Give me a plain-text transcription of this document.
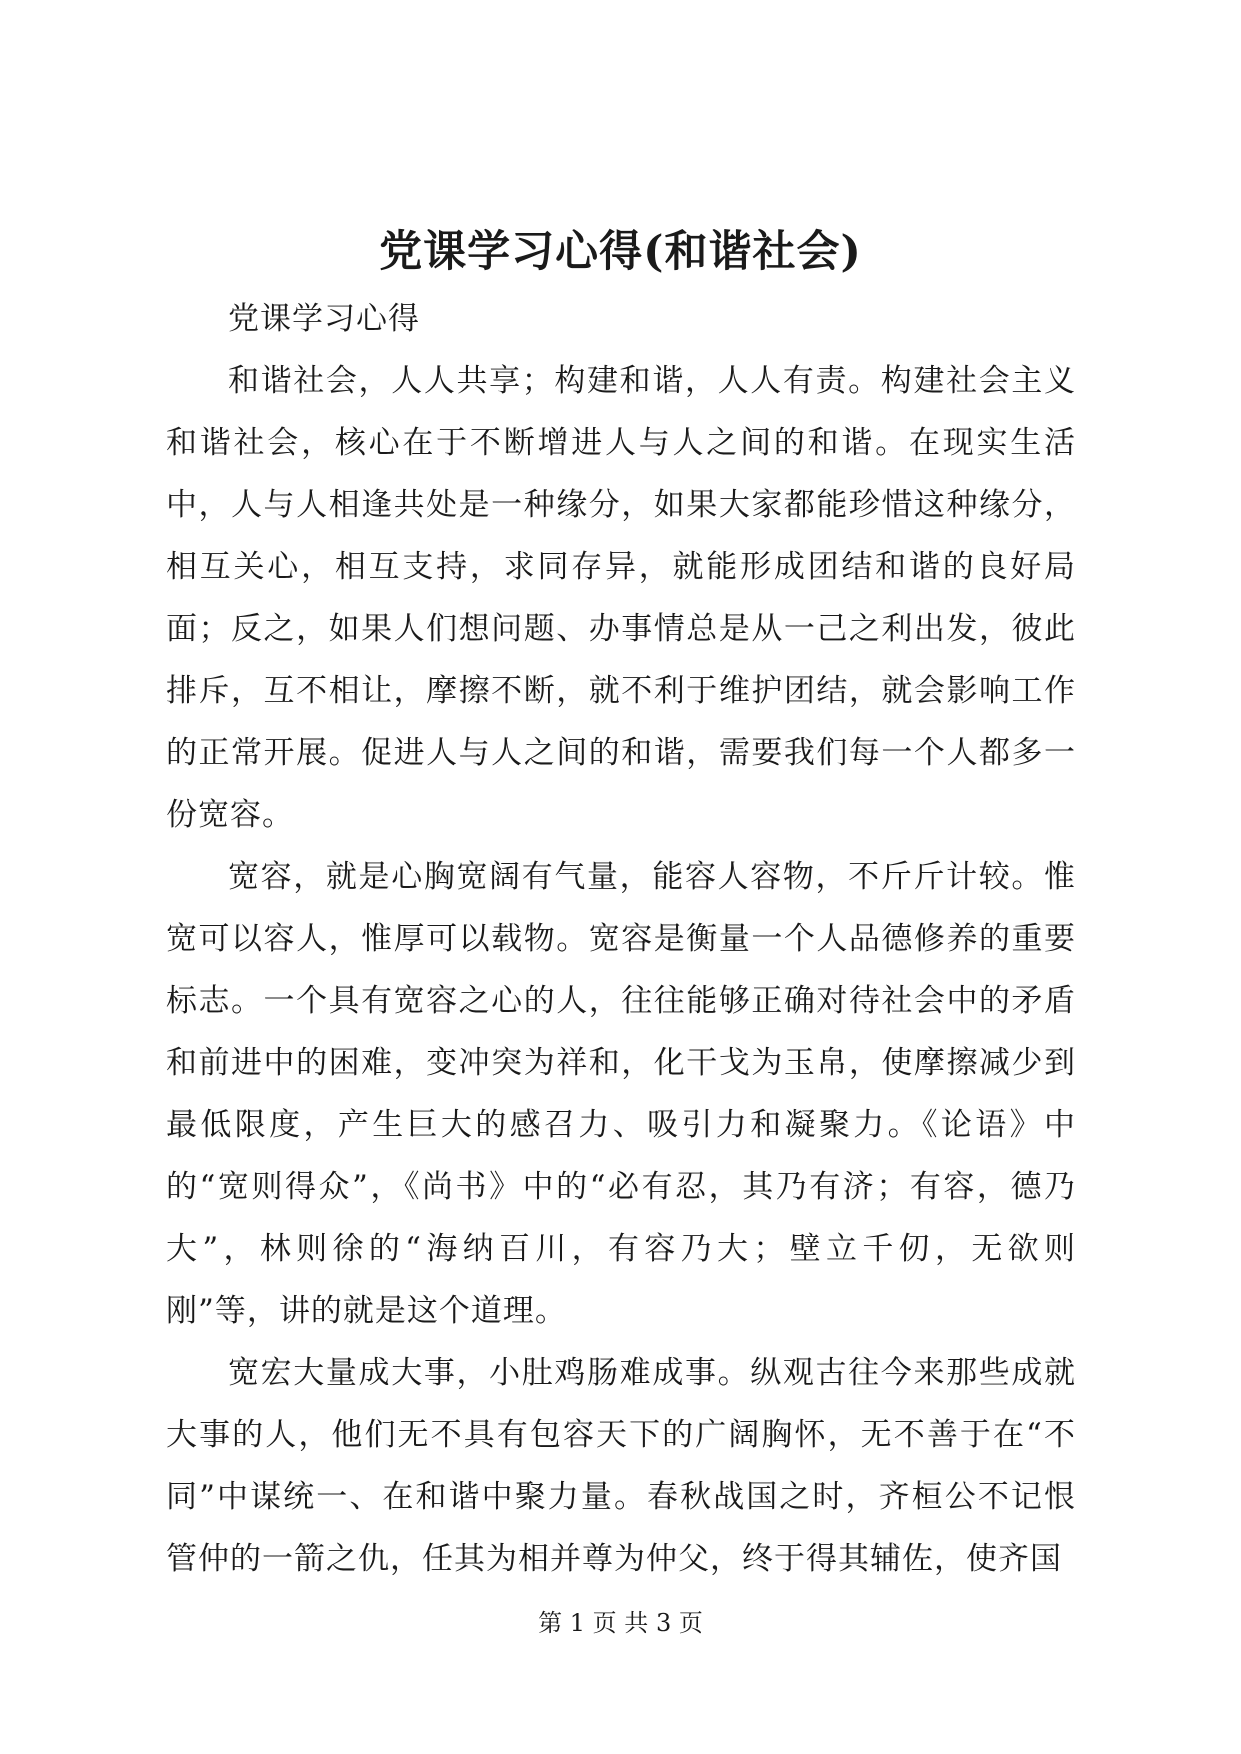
党课学习心得(和谐社会)

党课学习心得

和谐社会，人人共享；构建和谐，人人有责。构建社会主义和谐社会，核心在于不断增进人与人之间的和谐。在现实生活中，人与人相逢共处是一种缘分，如果大家都能珍惜这种缘分，相互关心，相互支持，求同存异，就能形成团结和谐的良好局面；反之，如果人们想问题、办事情总是从一己之利出发，彼此排斥，互不相让，摩擦不断，就不利于维护团结，就会影响工作的正常开展。促进人与人之间的和谐，需要我们每一个人都多一份宽容。

宽容，就是心胸宽阔有气量，能容人容物，不斤斤计较。惟宽可以容人，惟厚可以载物。宽容是衡量一个人品德修养的重要标志。一个具有宽容之心的人，往往能够正确对待社会中的矛盾和前进中的困难，变冲突为祥和，化干戈为玉帛，使摩擦减少到最低限度，产生巨大的感召力、吸引力和凝聚力。《论语》中的“宽则得众”，《尚书》中的“必有忍，其乃有济；有容，德乃大”，林则徐的“海纳百川，有容乃大；壁立千仞，无欲则刚”等，讲的就是这个道理。

宽宏大量成大事，小肚鸡肠难成事。纵观古往今来那些成就大事的人，他们无不具有包容天下的广阔胸怀，无不善于在“不同”中谋统一、在和谐中聚力量。春秋战国之时，齐桓公不记恨管仲的一箭之仇，任其为相并尊为仲父，终于得其辅佐，使齐国

第 1 页 共 3 页
